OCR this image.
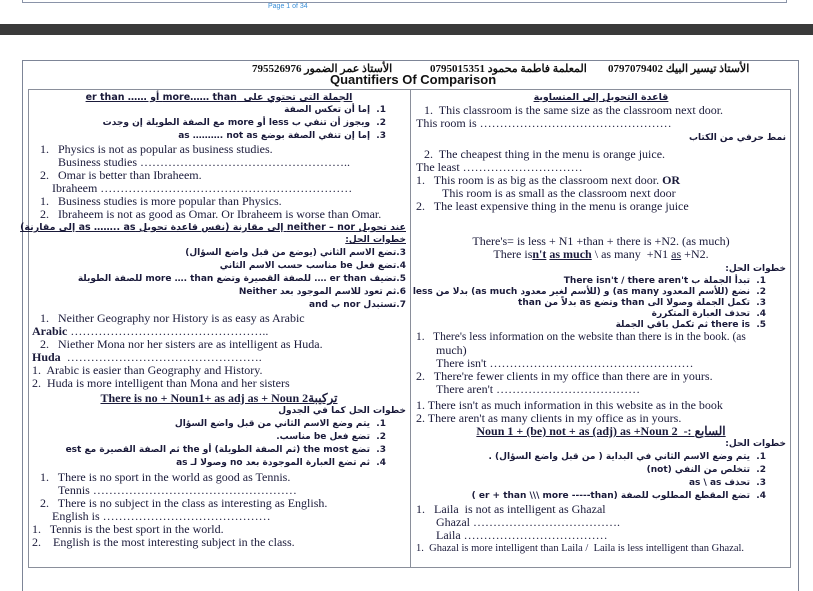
Page 1 of 34
الأستاذ تيسير البيك 0797079402
المعلمة فاطمة محمود 0795015351
الأستاذ عمر الضمور 795526976
Quantifiers Of Comparison
الجملة التي تحتوي على  more…… than أو …… er than
1.  إما أن تعكس الصفة
2.  ويجوز أن تنفي ب less أو more مع الصفة الطويلة إن وجدت
3.  إما إن تنفي الصفة بوضع as ………. not as
1.   Physics is not as popular as business studies.
Business studies ……………………………………………..
2.   Omar is better than Ibraheem.
Ibraheem ………………………………………………………
1.   Business studies is more popular than Physics.
2.   Ibraheem is not as good as Omar. Or Ibraheem is worse than Omar.
عند تحويل neither – nor إلى مقارنة (نفس قاعدة تحويل as …….. as إلى مقارنة)
خطوات الحل:
3.تضع الاسم الثاني (يوضع من قبل واضع السؤال)
4.تضع فعل be مناسب حسب الاسم الثاني
5.تضيف er than …. للصفة القصيرة وتضع more …. than للصفة الطويلة
6.ثم تعود للاسم الموجود بعد Neither
7.تستبدل nor ب and
1.   Neither Geography nor History is as easy as Arabic
Arabic …………………………………………..
2.   Niether Mona nor her sisters are as intelligent as Huda.
Huda  ………………………………………….
1.  Arabic is easier than Geography and History.
2.  Huda is more intelligent than Mona and her sisters
There is no + Noun1+ as adj as + Noun 2تركيبة
خطوات الحل كما في الجدول
1.  يتم وضع الاسم الثاني من قبل واضع السؤال
2.  تضع فعل be مناسب.
3.  تضع the most (ثم الصفة الطويلة) أو the ثم الصفة القصيرة مع est
4.  ثم تضع العبارة الموجودة بعد no وصولا لـ as
1.   There is no sport in the world as good as Tennis.
Tennis ……………………………………………
2.   There is no subject in the class as interesting as English.
English is ……………………………………
1.   Tennis is the best sport in the world.
2.    English is the most interesting subject in the class.
قاعدة التحويل إلى المتساوية
1.  This classroom is the same size as the classroom next door.
This room is …………………………………………
نمط حرفي من الكتاب
2.  The cheapest thing in the menu is orange juice.
The least …………………………
1.   This room is as big as the classroom next door. OR
This room is as small as the classroom next door
2.   The least expensive thing in the menu is orange juice
There's= is less + N1 +than + there is +N2. (as much)
There isn't as much \ as many  +N1 as +N2.
خطوات الحل:
1.  تبدأ الجملة ب There isn't / there aren't
2.  نضع (للأسم المعدود as many) و (للأسم لغير معدود as much) بدلا من less
3.  تكمل الجملة وصولا الى than وتضع as بدلاً من than
4.  تحذف العبارة المتكررة
5.  there is ثم تكمل باقي الجملة
1.   There's less information on the website than there is in the book. (as
much)
There isn't ……………………………………………
2.   There're fewer clients in my office than there are in yours.
There aren't ………………………………
1. There isn't as much information in this website as in the book
2. There aren't as many clients in my office as in yours.
Noun 1 + (be) not + as (adj) as +Noun 2  -: السابع
خطوات الحل:
1.  يتم وضع الاسم الثاني في البداية ( من قبل واضع السؤال) .
2.  تتخلص من النفي (not)
3.  تحذف as \ as
4.  تضع المقطع المطلوب للصفة (er + than \\\ more -----than )
1.   Laila  is not as intelligent as Ghazal
Ghazal ……………………………….
Laila ………………………………
1.  Ghazal is more intelligent than Laila /  Laila is less intelligent than Ghazal.
